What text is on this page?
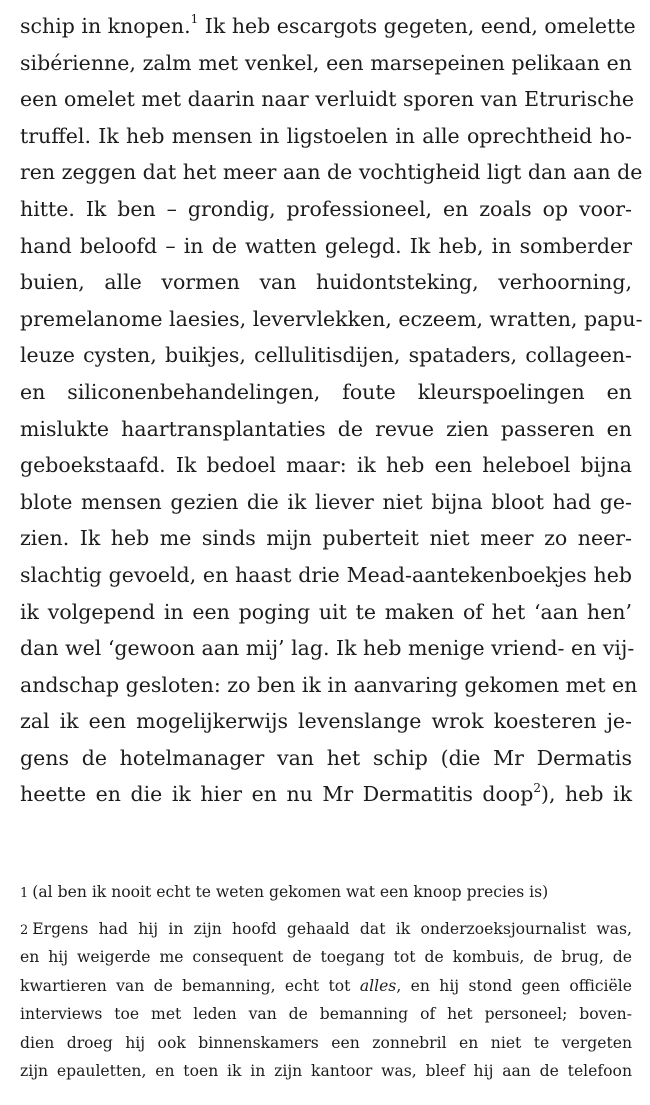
schip in knopen.$^1$ Ik heb escargots gegeten, eend, omelette
sibérienne, zalm met venkel, een marsepeinen pelikaan en
een omelet met daarin naar verluidt sporen van Etrurische
truffel. Ik heb mensen in ligstoelen in alle oprechtheid ho-
ren zeggen dat het meer aan de vochtigheid ligt dan aan de
hitte. Ik ben – grondig, professioneel, en zoals op voor-
hand beloofd – in de watten gelegd. Ik heb, in somberder
buien, alle vormen van huidontsteking, verhoorning,
premelanome laesies, levervlekken, eczeem, wratten, papu-
leuze cysten, buikjes, cellulitisdijen, spataders, collageen-
en siliconenbehandelingen, foute kleurspoelingen en
mislukte haartransplantaties de revue zien passeren en
geboekstaafd. Ik bedoel maar: ik heb een heleboel bijna
blote mensen gezien die ik liever niet bijna bloot had ge-
zien. Ik heb me sinds mijn puberteit niet meer zo neer-
slachtig gevoeld, en haast drie Mead-aantekenboekjes heb
ik volgepend in een poging uit te maken of het ‘aan hen’
dan wel ‘gewoon aan mij’ lag. Ik heb menige vriend- en vij-
andschap gesloten: zo ben ik in aanvaring gekomen met en
zal ik een mogelijkerwijs levenslange wrok koesteren je-
gens de hotelmanager van het schip (die Mr Dermatis
heette en die ik hier en nu Mr Dermatitis doop$^2$), heb ik
1 (al ben ik nooit echt te weten gekomen wat een knoop precies is)
2 Ergens had hij in zijn hoofd gehaald dat ik onderzoeksjournalist was,
en hij weigerde me consequent de toegang tot de kombuis, de brug, de
kwartieren van de bemanning, echt tot alles, en hij stond geen officiële
interviews toe met leden van de bemanning of het personeel; boven-
dien droeg hij ook binnenskamers een zonnebril en niet te vergeten
zijn epauletten, en toen ik in zijn kantoor was, bleef hij aan de telefoon
